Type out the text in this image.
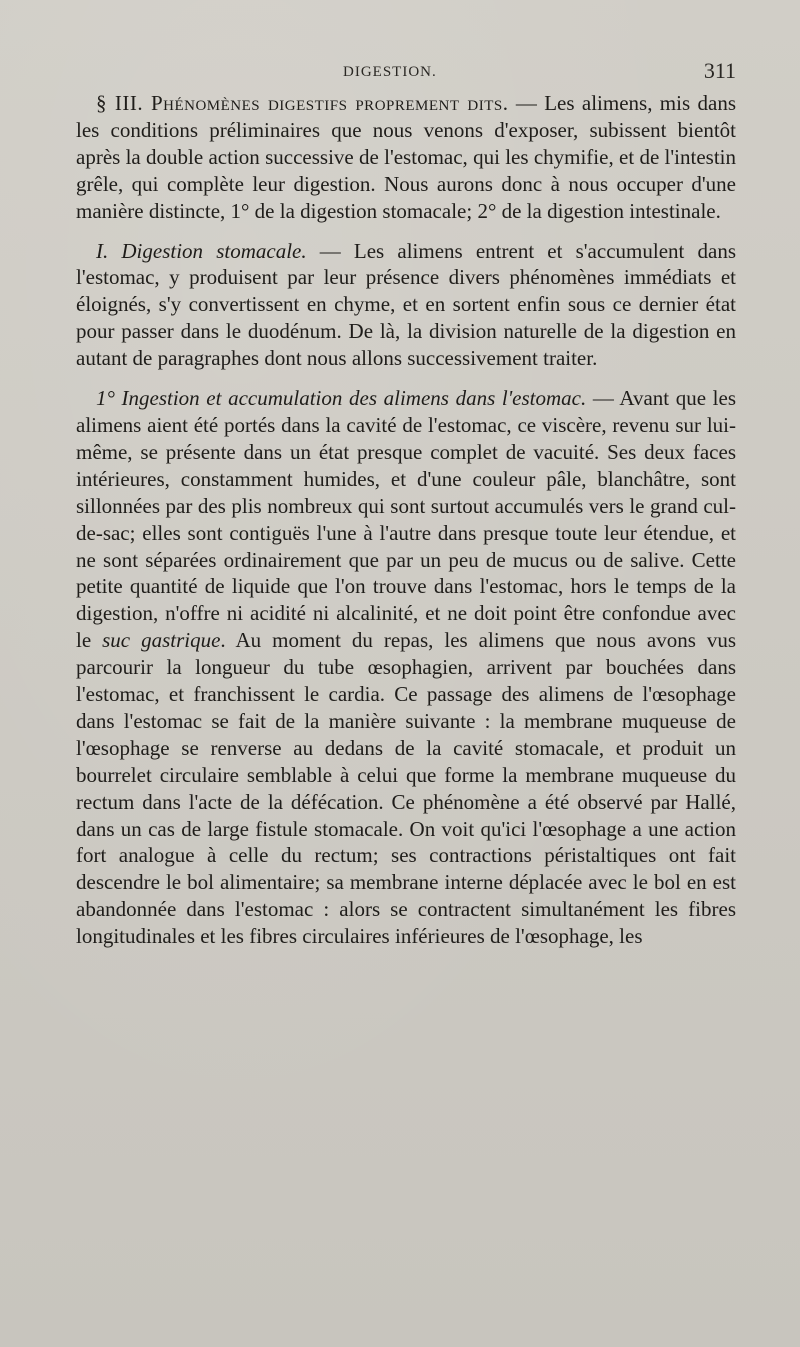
DIGESTION.	311

§ III. Phénomènes digestifs proprement dits. — Les alimens, mis dans les conditions préliminaires que nous venons d'exposer, subissent bientôt après la double action successive de l'estomac, qui les chymifie, et de l'intestin grêle, qui complète leur digestion. Nous aurons donc à nous occuper d'une manière distincte, 1° de la digestion stomacale; 2° de la digestion intestinale.

I. Digestion stomacale. — Les alimens entrent et s'accumulent dans l'estomac, y produisent par leur présence divers phénomènes immédiats et éloignés, s'y convertissent en chyme, et en sortent enfin sous ce dernier état pour passer dans le duodénum. De là, la division naturelle de la digestion en autant de paragraphes dont nous allons successivement traiter.

1° Ingestion et accumulation des alimens dans l'estomac. — Avant que les alimens aient été portés dans la cavité de l'estomac, ce viscère, revenu sur lui-même, se présente dans un état presque complet de vacuité. Ses deux faces intérieures, constamment humides, et d'une couleur pâle, blanchâtre, sont sillonnées par des plis nombreux qui sont surtout accumulés vers le grand cul-de-sac; elles sont contiguës l'une à l'autre dans presque toute leur étendue, et ne sont séparées ordinairement que par un peu de mucus ou de salive. Cette petite quantité de liquide que l'on trouve dans l'estomac, hors le temps de la digestion, n'offre ni acidité ni alcalinité, et ne doit point être confondue avec le suc gastrique. Au moment du repas, les alimens que nous avons vus parcourir la longueur du tube œsophagien, arrivent par bouchées dans l'estomac, et franchissent le cardia. Ce passage des alimens de l'œsophage dans l'estomac se fait de la manière suivante : la membrane muqueuse de l'œsophage se renverse au dedans de la cavité stomacale, et produit un bourrelet circulaire semblable à celui que forme la membrane muqueuse du rectum dans l'acte de la défécation. Ce phénomène a été observé par Hallé, dans un cas de large fistule stomacale. On voit qu'ici l'œsophage a une action fort analogue à celle du rectum; ses contractions péristaltiques ont fait descendre le bol alimentaire; sa membrane interne déplacée avec le bol en est abandonnée dans l'estomac : alors se contractent simultanément les fibres longitudinales et les fibres circulaires inférieures de l'œsophage, les
